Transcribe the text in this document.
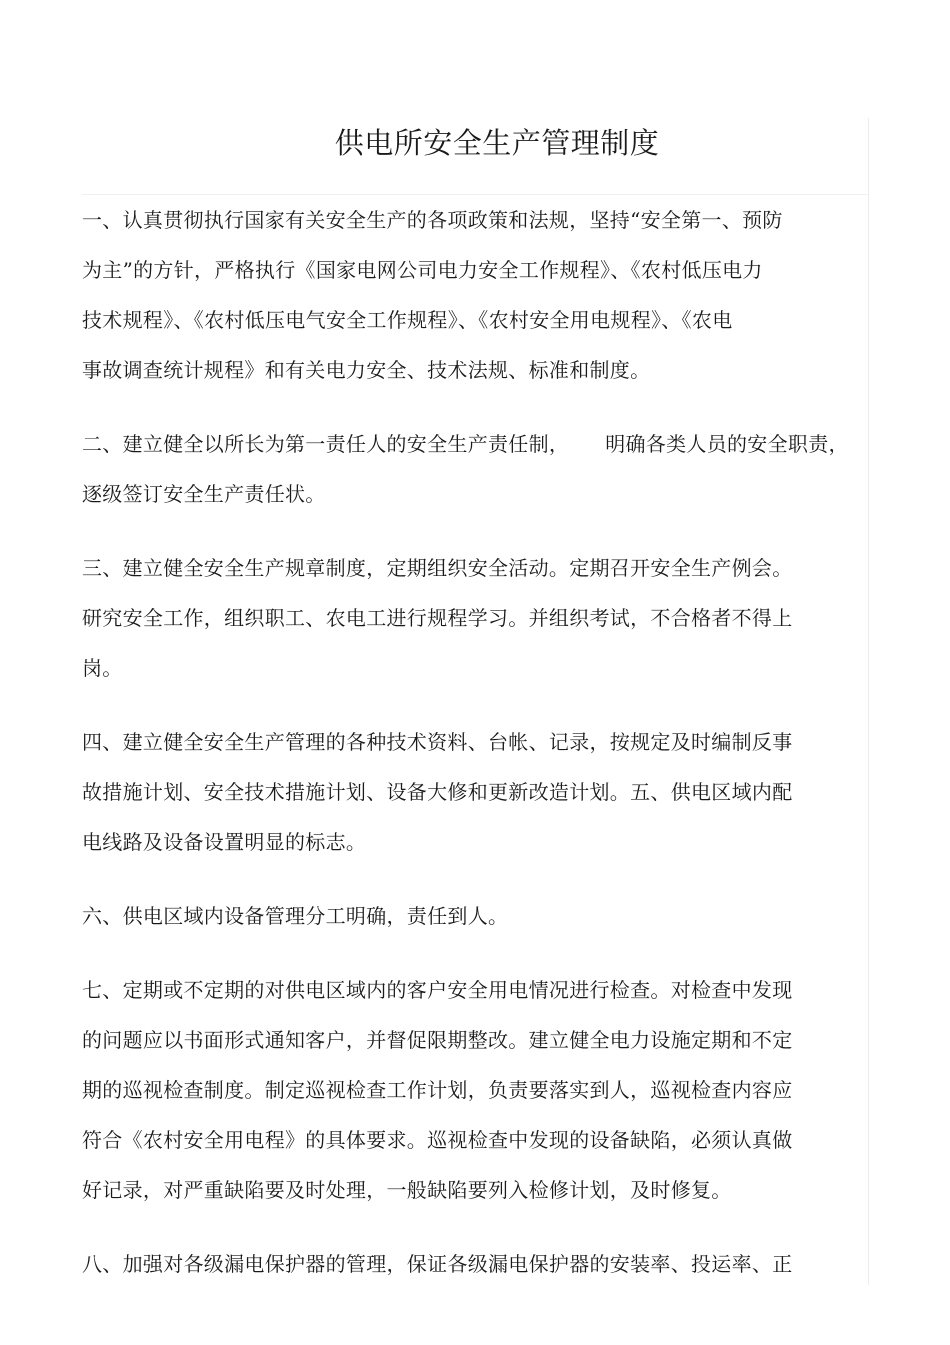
供电所安全生产管理制度

一、认真贯彻执行国家有关安全生产的各项政策和法规，坚持“安全第一、预防
为主”的方针，严格执行《国家电网公司电力安全工作规程》、《农村低压电力
技术规程》、《农村低压电气安全工作规程》、《农村安全用电规程》、《农电
事故调查统计规程》和有关电力安全、技术法规、标准和制度。

二、建立健全以所长为第一责任人的安全生产责任制， 明确各类人员的安全职责，
逐级签订安全生产责任状。

三、建立健全安全生产规章制度，定期组织安全活动。定期召开安全生产例会。
研究安全工作，组织职工、农电工进行规程学习。并组织考试，不合格者不得上
岗。

四、建立健全安全生产管理的各种技术资料、台帐、记录，按规定及时编制反事
故措施计划、安全技术措施计划、设备大修和更新改造计划。五、供电区域内配
电线路及设备设置明显的标志。

六、供电区域内设备管理分工明确，责任到人。

七、定期或不定期的对供电区域内的客户安全用电情况进行检查。对检查中发现
的问题应以书面形式通知客户，并督促限期整改。建立健全电力设施定期和不定
期的巡视检查制度。制定巡视检查工作计划，负责要落实到人，巡视检查内容应
符合《农村安全用电程》的具体要求。巡视检查中发现的设备缺陷，必须认真做
好记录，对严重缺陷要及时处理，一般缺陷要列入检修计划，及时修复。

八、加强对各级漏电保护器的管理，保证各级漏电保护器的安装率、投运率、正
